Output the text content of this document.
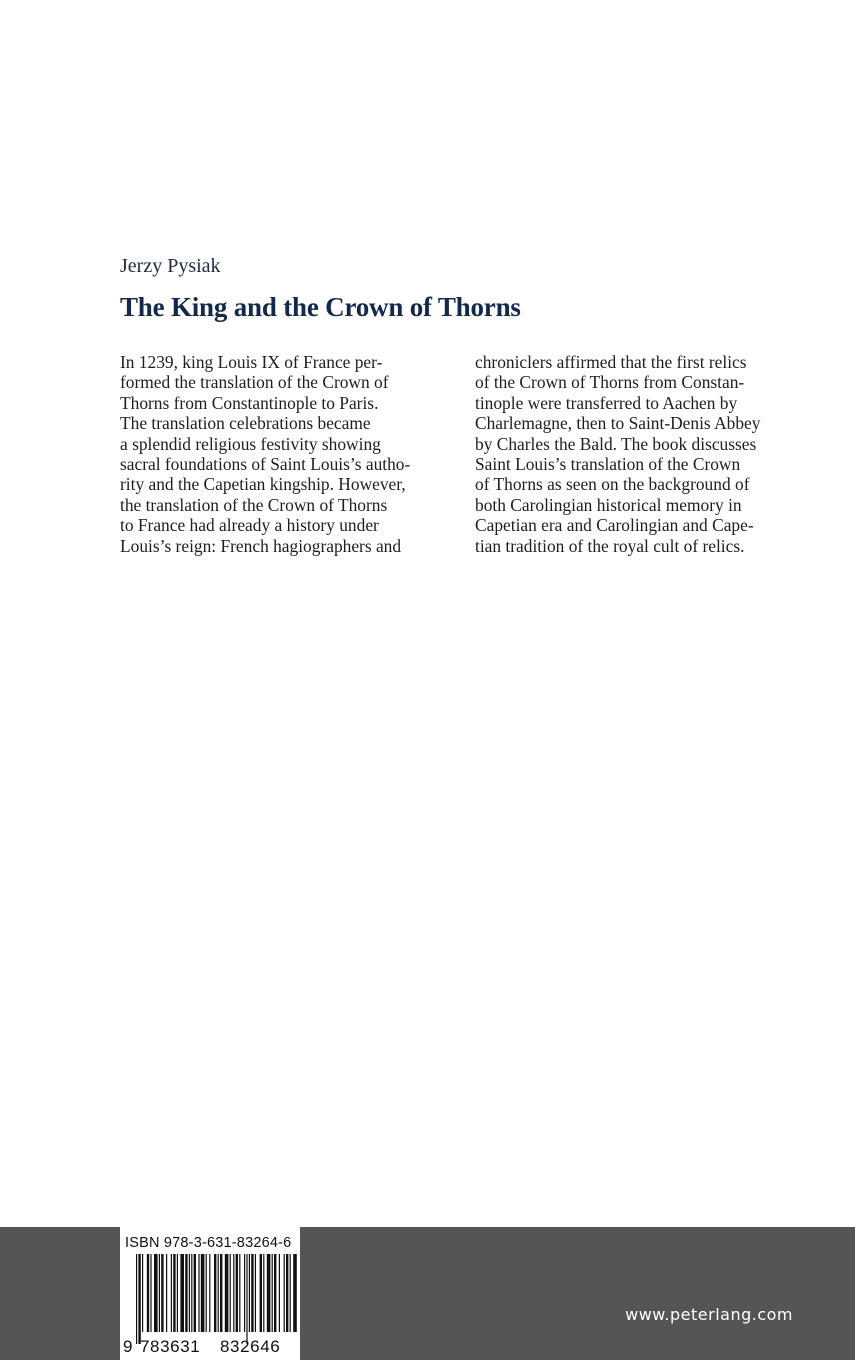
Jerzy Pysiak

The King and the Crown of Thorns
In 1239, king Louis IX of France per-
formed the translation of the Crown of
Thorns from Constantinople to Paris.
The translation celebrations became
a splendid religious festivity showing
sacral foundations of Saint Louis’s autho-
rity and the Capetian kingship. However,
the translation of the Crown of Thorns
to France had already a history under
Louis’s reign: French hagiographers and
chroniclers affirmed that the first relics
of the Crown of Thorns from Constan-
tinople were transferred to Aachen by
Charlemagne, then to Saint-Denis Abbey
by Charles the Bald. The book discusses
Saint Louis’s translation of the Crown
of Thorns as seen on the background of
both Carolingian historical memory in
Capetian era and Carolingian and Cape-
tian tradition of the royal cult of relics.
ISBN 978-3-631-83264-6
9 783631 832646
www.peterlang.com
